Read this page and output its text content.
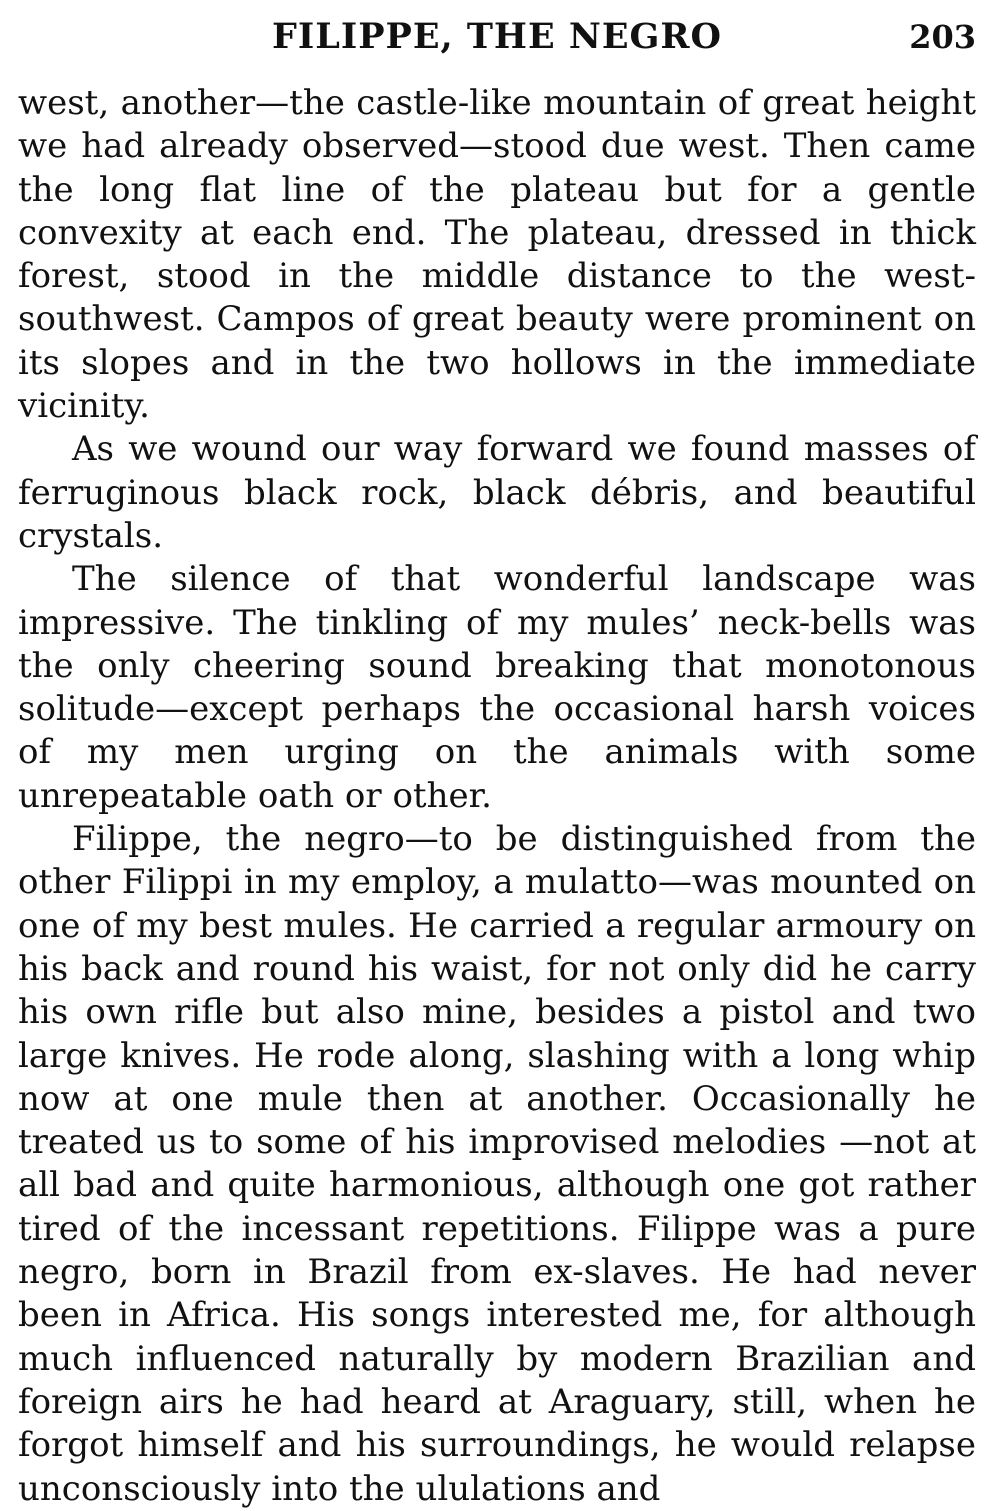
FILIPPE, THE NEGRO	203

west, another—the castle-like mountain of great height we had already observed—stood due west. Then came the long flat line of the plateau but for a gentle convexity at each end. The plateau, dressed in thick forest, stood in the middle distance to the west-southwest. Campos of great beauty were prominent on its slopes and in the two hollows in the immediate vicinity.

As we wound our way forward we found masses of ferruginous black rock, black débris, and beautiful crystals.

The silence of that wonderful landscape was impressive. The tinkling of my mules’ neck-bells was the only cheering sound breaking that monotonous solitude—except perhaps the occasional harsh voices of my men urging on the animals with some unrepeatable oath or other.

Filippe, the negro—to be distinguished from the other Filippi in my employ, a mulatto—was mounted on one of my best mules. He carried a regular armoury on his back and round his waist, for not only did he carry his own rifle but also mine, besides a pistol and two large knives. He rode along, slashing with a long whip now at one mule then at another. Occasionally he treated us to some of his improvised melodies —not at all bad and quite harmonious, although one got rather tired of the incessant repetitions. Filippe was a pure negro, born in Brazil from ex-slaves. He had never been in Africa. His songs interested me, for although much influenced naturally by modern Brazilian and foreign airs he had heard at Araguary, still, when he forgot himself and his surroundings, he would relapse unconsciously into the ululations and
